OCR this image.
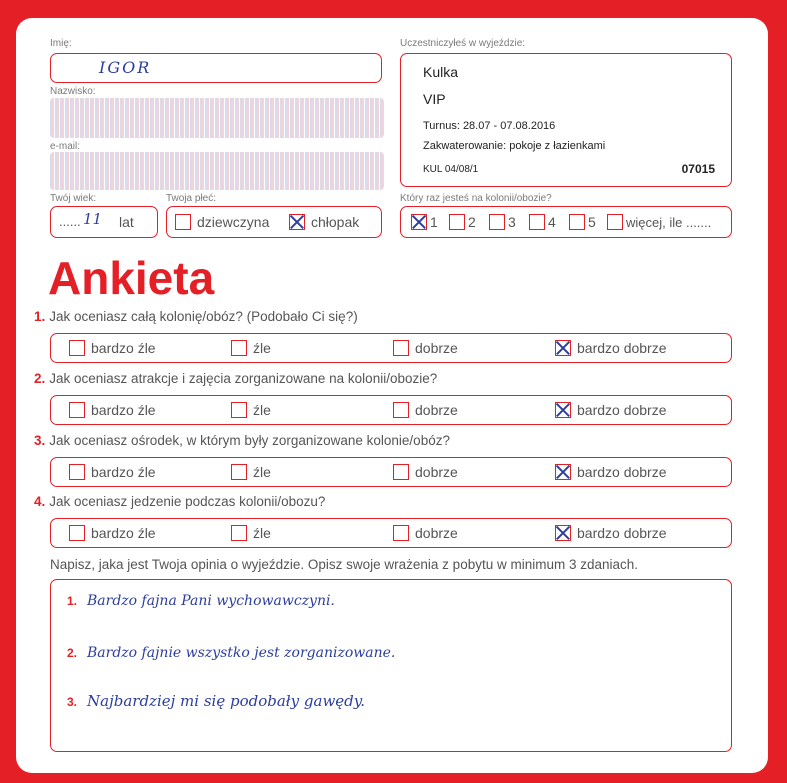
Imię:
IGOR
Nazwisko:
e-mail:
Twój wiek:
...... 11 lat
Twoja płeć:
dziewczyna	chłopak
Uczestniczyłeś w wyjeździe:
Kulka
VIP
Turnus: 28.07 - 07.08.2016
Zakwaterowanie: pokoje z łazienkami
KUL 04/08/1	07015
Który raz jesteś na kolonii/obozie?
1	2	3	4	5	więcej, ile .......
Ankieta
1. Jak oceniasz całą kolonię/obóz? (Podobało Ci się?)
bardzo źle	źle	dobrze	bardzo dobrze
2. Jak oceniasz atrakcje i zajęcia zorganizowane na kolonii/obozie?
bardzo źle	źle	dobrze	bardzo dobrze
3. Jak oceniasz ośrodek, w którym były zorganizowane kolonie/obóz?
bardzo źle	źle	dobrze	bardzo dobrze
4. Jak oceniasz jedzenie podczas kolonii/obozu?
bardzo źle	źle	dobrze	bardzo dobrze
Napisz, jaka jest Twoja opinia o wyjeździe. Opisz swoje wrażenia z pobytu w minimum 3 zdaniach.
1. Bardzo fajna Pani wychowawczyni.
2. Bardzo fajnie wszystko jest zorganizowane.
3. Najbardziej mi się podobały gawędy.
